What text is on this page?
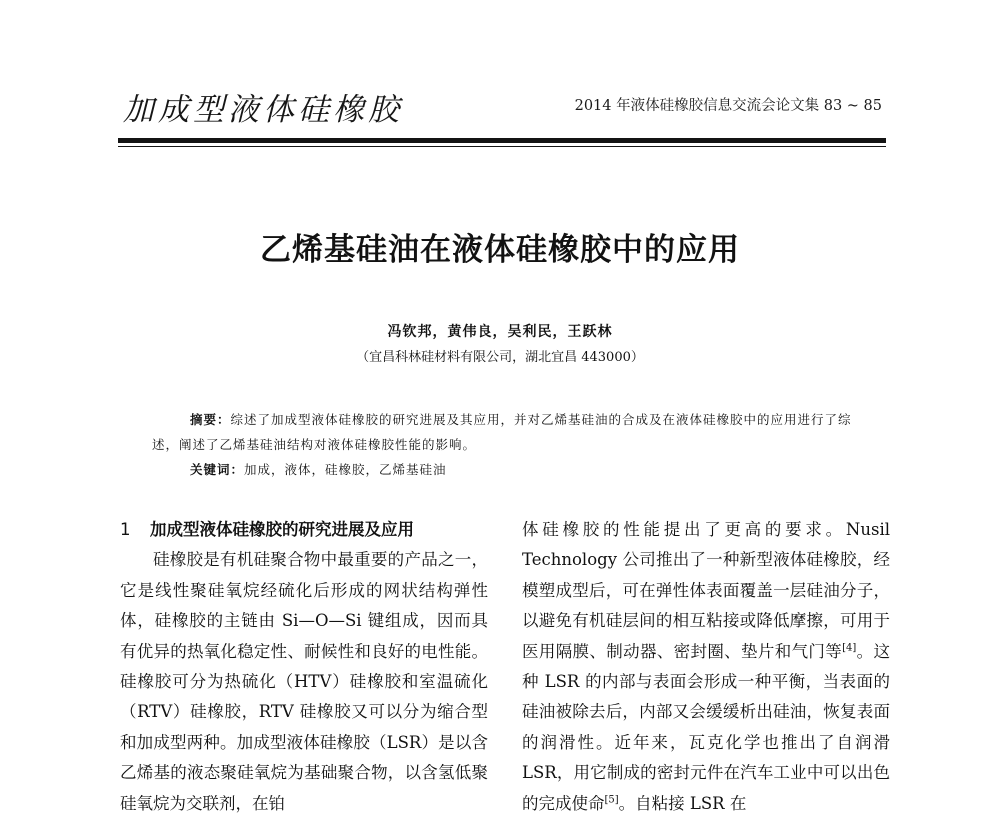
加成型液体硅橡胶	2014 年液体硅橡胶信息交流会论文集 83 ~ 85
乙烯基硅油在液体硅橡胶中的应用
冯钦邦，黄伟良，吴利民，王跃林
（宜昌科林硅材料有限公司，湖北宜昌 443000）

摘要：综述了加成型液体硅橡胶的研究进展及其应用，并对乙烯基硅油的合成及在液体硅橡胶中的应用进行了综述，阐述了乙烯基硅油结构对液体硅橡胶性能的影响。

关键词：加成，液体，硅橡胶，乙烯基硅油
1 加成型液体硅橡胶的研究进展及应用

硅橡胶是有机硅聚合物中最重要的产品之一，它是线性聚硅氧烷经硫化后形成的网状结构弹性体，硅橡胶的主链由 Si—O—Si 键组成，因而具有优异的热氧化稳定性、耐候性和良好的电性能。硅橡胶可分为热硫化（HTV）硅橡胶和室温硫化（RTV）硅橡胶，RTV 硅橡胶又可以分为缩合型和加成型两种。加成型液体硅橡胶（LSR）是以含乙烯基的液态聚硅氧烷为基础聚合物，以含氢低聚硅氧烷为交联剂，在铂

体硅橡胶的性能提出了更高的要求。Nusil Technology 公司推出了一种新型液体硅橡胶，经模塑成型后，可在弹性体表面覆盖一层硅油分子，以避免有机硅层间的相互粘接或降低摩擦，可用于医用隔膜、制动器、密封圈、垫片和气门等[4]。这种 LSR 的内部与表面会形成一种平衡，当表面的硅油被除去后，内部又会缓缓析出硅油，恢复表面的润滑性。近年来，瓦克化学也推出了自润滑 LSR，用它制成的密封元件在汽车工业中可以出色的完成使命[5]。自粘接 LSR 在
